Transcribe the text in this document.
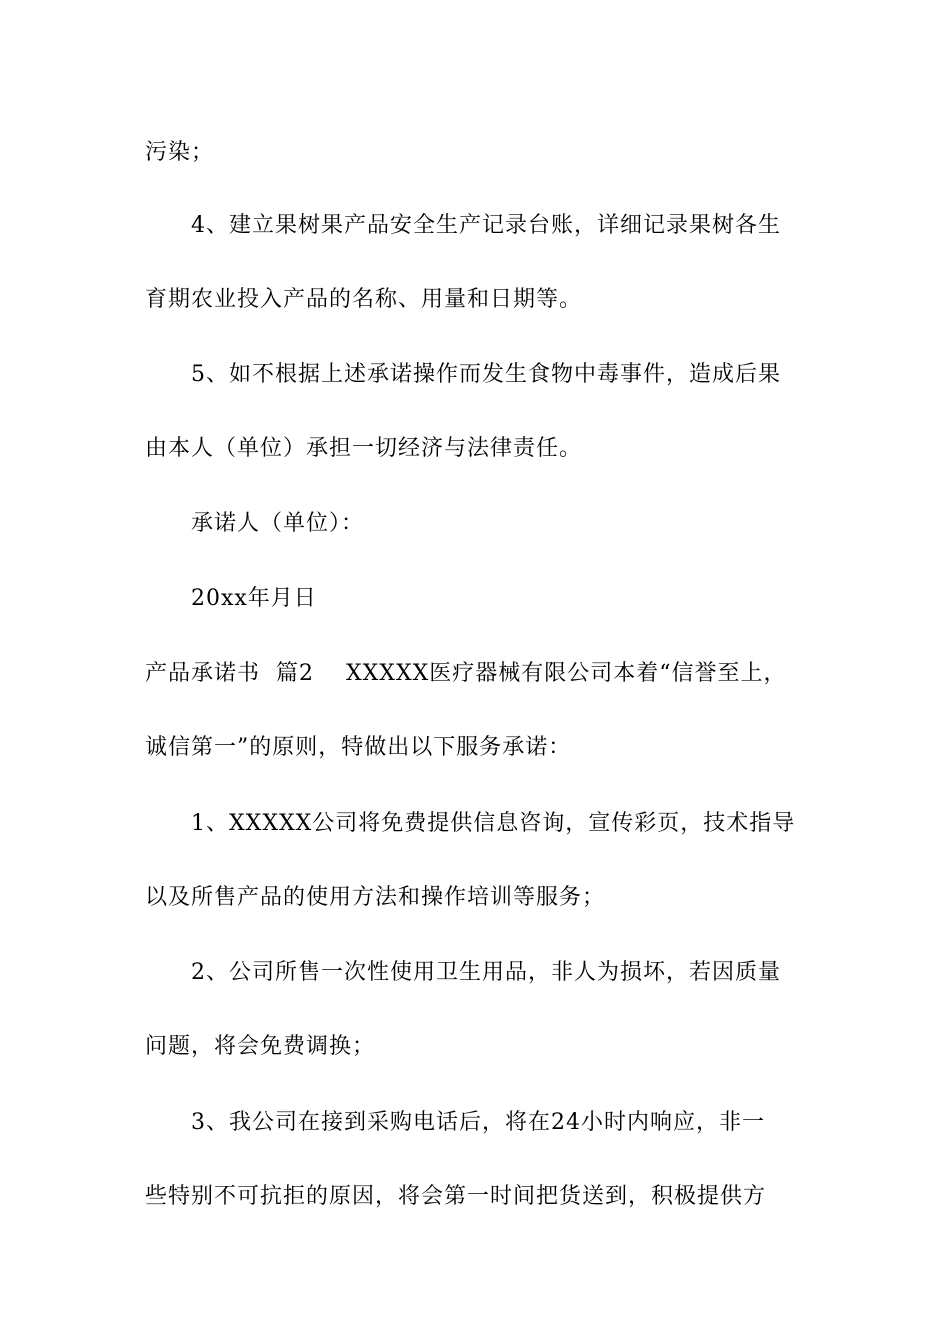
污染；
4、建立果树果产品安全生产记录台账，详细记录果树各生
育期农业投入产品的名称、用量和日期等。
5、如不根据上述承诺操作而发生食物中毒事件，造成后果
由本人（单位）承担一切经济与法律责任。
承诺人（单位）：
20xx年月日
产品承诺书  篇2    XXXXX医疗器械有限公司本着“信誉至上，
诚信第一”的原则，特做出以下服务承诺：
1、XXXXX公司将免费提供信息咨询，宣传彩页，技术指导
以及所售产品的使用方法和操作培训等服务；
2、公司所售一次性使用卫生用品，非人为损坏，若因质量
问题，将会免费调换；
3、我公司在接到采购电话后，将在24小时内响应，非一
些特别不可抗拒的原因，将会第一时间把货送到，积极提供方
